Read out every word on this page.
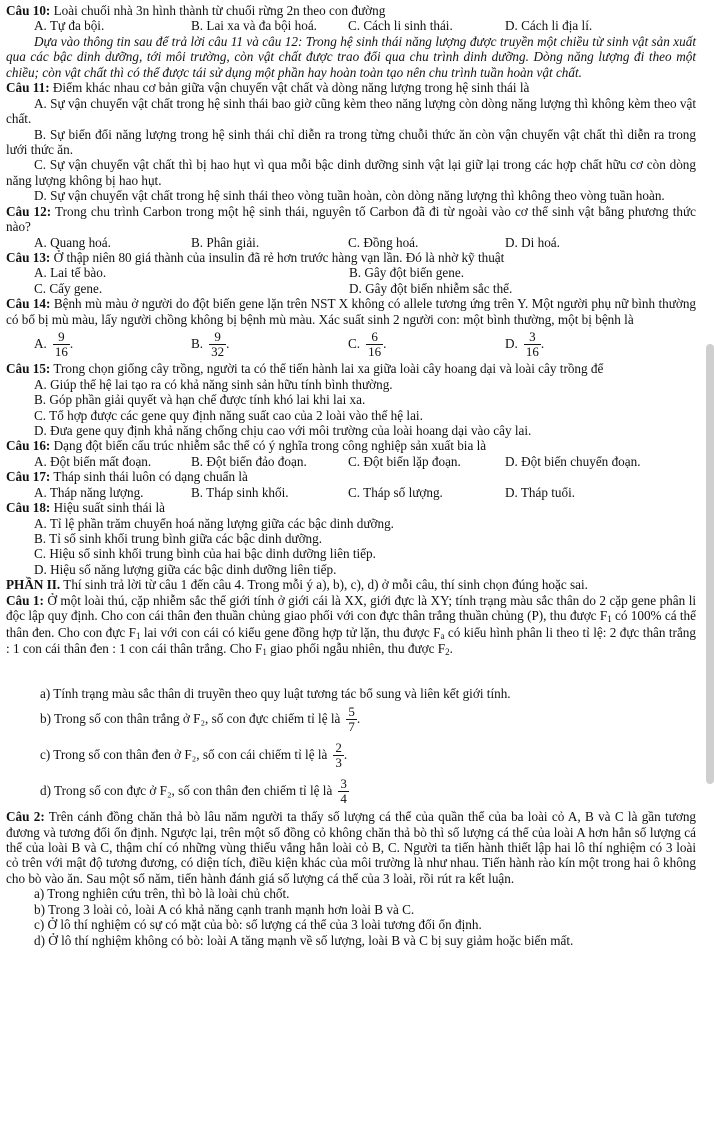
Câu 10: Loài chuối nhà 3n hình thành từ chuối rừng 2n theo con đường

A. Tự đa bội.	B. Lai xa và đa bội hoá.	C. Cách li sinh thái.	D. Cách li địa lí.

Dựa vào thông tin sau để trả lời câu 11 và câu 12: Trong hệ sinh thái năng lượng được truyền một chiều từ sinh vật sản xuất qua các bậc dinh dưỡng, tới môi trường, còn vật chất được trao đổi qua chu trình dinh dưỡng. Dòng năng lượng đi theo một chiều; còn vật chất thì có thể được tái sử dụng một phần hay hoàn toàn tạo nên chu trình tuần hoàn vật chất.

Câu 11: Điểm khác nhau cơ bản giữa vận chuyển vật chất và dòng năng lượng trong hệ sinh thái là

A. Sự vận chuyển vật chất trong hệ sinh thái bao giờ cũng kèm theo năng lượng còn dòng năng lượng thì không kèm theo vật chất.

B. Sự biến đổi năng lượng trong hệ sinh thái chỉ diễn ra trong từng chuỗi thức ăn còn vận chuyển vật chất thì diễn ra trong lưới thức ăn.

C. Sự vận chuyển vật chất thì bị hao hụt vì qua mỗi bậc dinh dưỡng sinh vật lại giữ lại trong các hợp chất hữu cơ còn dòng năng lượng không bị hao hụt.

D. Sự vận chuyển vật chất trong hệ sinh thái theo vòng tuần hoàn, còn dòng năng lượng thì không theo vòng tuần hoàn.

Câu 12: Trong chu trình Carbon trong một hệ sinh thái, nguyên tố Carbon đã đi từ ngoài vào cơ thể sinh vật bằng phương thức nào?

A. Quang hoá.	B. Phân giải.	C. Đồng hoá.	D. Di hoá.

Câu 13: Ở thập niên 80 giá thành của insulin đã rẻ hơn trước hàng vạn lần. Đó là nhờ kỹ thuật

A. Lai tế bào.	B. Gây đột biến gene.
C. Cấy gene.	D. Gây đột biến nhiễm sắc thể.

Câu 14: Bệnh mù màu ở người do đột biến gene lặn trên NST X không có allele tương ứng trên Y. Một người phụ nữ bình thường có bố bị mù màu, lấy người chồng không bị bệnh mù màu. Xác suất sinh 2 người con: một bình thường, một bị bệnh là

A. $\frac{9}{16}$ .	B. $\frac{9}{32}$ .	C. $\frac{6}{16}$ .	D. $\frac{3}{16}$ .

Câu 15: Trong chọn giống cây trồng, người ta có thể tiến hành lai xa giữa loài cây hoang dại và loài cây trồng để

A. Giúp thế hệ lai tạo ra có khả năng sinh sản hữu tính bình thường.

B. Góp phần giải quyết và hạn chế được tính khó lai khi lai xa.

C. Tổ hợp được các gene quy định năng suất cao của 2 loài vào thế hệ lai.

D. Đưa gene quy định khả năng chống chịu cao với môi trường của loài hoang dại vào cây lai.

Câu 16: Dạng đột biến cấu trúc nhiễm sắc thể có ý nghĩa trong công nghiệp sản xuất bia là

A. Đột biến mất đoạn.	B. Đột biến đảo đoạn.	C. Đột biến lặp đoạn.	D. Đột biến chuyển đoạn.

Câu 17: Tháp sinh thái luôn có dạng chuẩn là

A. Tháp năng lượng.	B. Tháp sinh khối.	C. Tháp số lượng.	D. Tháp tuổi.

Câu 18: Hiệu suất sinh thái là

A. Tỉ lệ phần trăm chuyển hoá năng lượng giữa các bậc dinh dưỡng.

B. Tỉ số sinh khối trung bình giữa các bậc dinh dưỡng.

C. Hiệu số sinh khối trung bình của hai bậc dinh dưỡng liên tiếp.

D. Hiệu số năng lượng giữa các bậc dinh dưỡng liên tiếp.

PHẦN II. Thí sinh trả lời từ câu 1 đến câu 4. Trong mỗi ý a), b), c), d) ở mỗi câu, thí sinh chọn đúng hoặc sai.

Câu 1: Ở một loài thú, cặp nhiễm sắc thể giới tính ở giới cái là XX, giới đực là XY; tính trạng màu sắc thân do 2 cặp gene phân li độc lập quy định. Cho con cái thân đen thuần chủng giao phối với con đực thân trắng thuần chủng (P), thu được $F_1$ có 100% cá thể thân đen. Cho con đực $F_1$ lai với con cái có kiểu gene đồng hợp tử lặn, thu được $F_a$ có kiểu hình phân li theo tỉ lệ: 2 đực thân trắng : 1 con cái thân đen : 1 con cái thân trắng. Cho $F_1$ giao phối ngẫu nhiên, thu được $F_2$.

a) Tính trạng màu sắc thân di truyền theo quy luật tương tác bổ sung và liên kết giới tính.

b) Trong số con thân trắng ở F₂, số con đực chiếm tỉ lệ là $\frac{5}{7}$ .
c) Trong số con thân đen ở F₂, số con cái chiếm tỉ lệ là $\frac{2}{3}$ .
d) Trong số con đực ở F₂, số con thân đen chiếm tỉ lệ là $\frac{3}{4}$

Câu 2: Trên cánh đồng chăn thả bò lâu năm người ta thấy số lượng cá thể của quần thể của ba loài cỏ A, B và C là gần tương đương và tương đối ổn định. Ngược lại, trên một số đồng cỏ không chăn thả bò thì số lượng cá thể của loài A hơn hẳn số lượng cá thể của loài B và C, thậm chí có những vùng thiếu vắng hẳn loài cỏ B, C. Người ta tiến hành thiết lập hai lô thí nghiệm có 3 loài cỏ trên với mật độ tương đương, có diện tích, điều kiện khác của môi trường là như nhau. Tiến hành rào kín một trong hai ô không cho bò vào ăn. Sau một số năm, tiến hành đánh giá số lượng cá thể của 3 loài, rồi rút ra kết luận.

a) Trong nghiên cứu trên, thì bò là loài chủ chốt.

b) Trong 3 loài cỏ, loài A có khả năng cạnh tranh mạnh hơn loài B và C.

c) Ở lô thí nghiệm có sự có mặt của bò: số lượng cá thể của 3 loài tương đối ổn định.

d) Ở lô thí nghiệm không có bò: loài A tăng mạnh về số lượng, loài B và C bị suy giảm hoặc biến mất.
